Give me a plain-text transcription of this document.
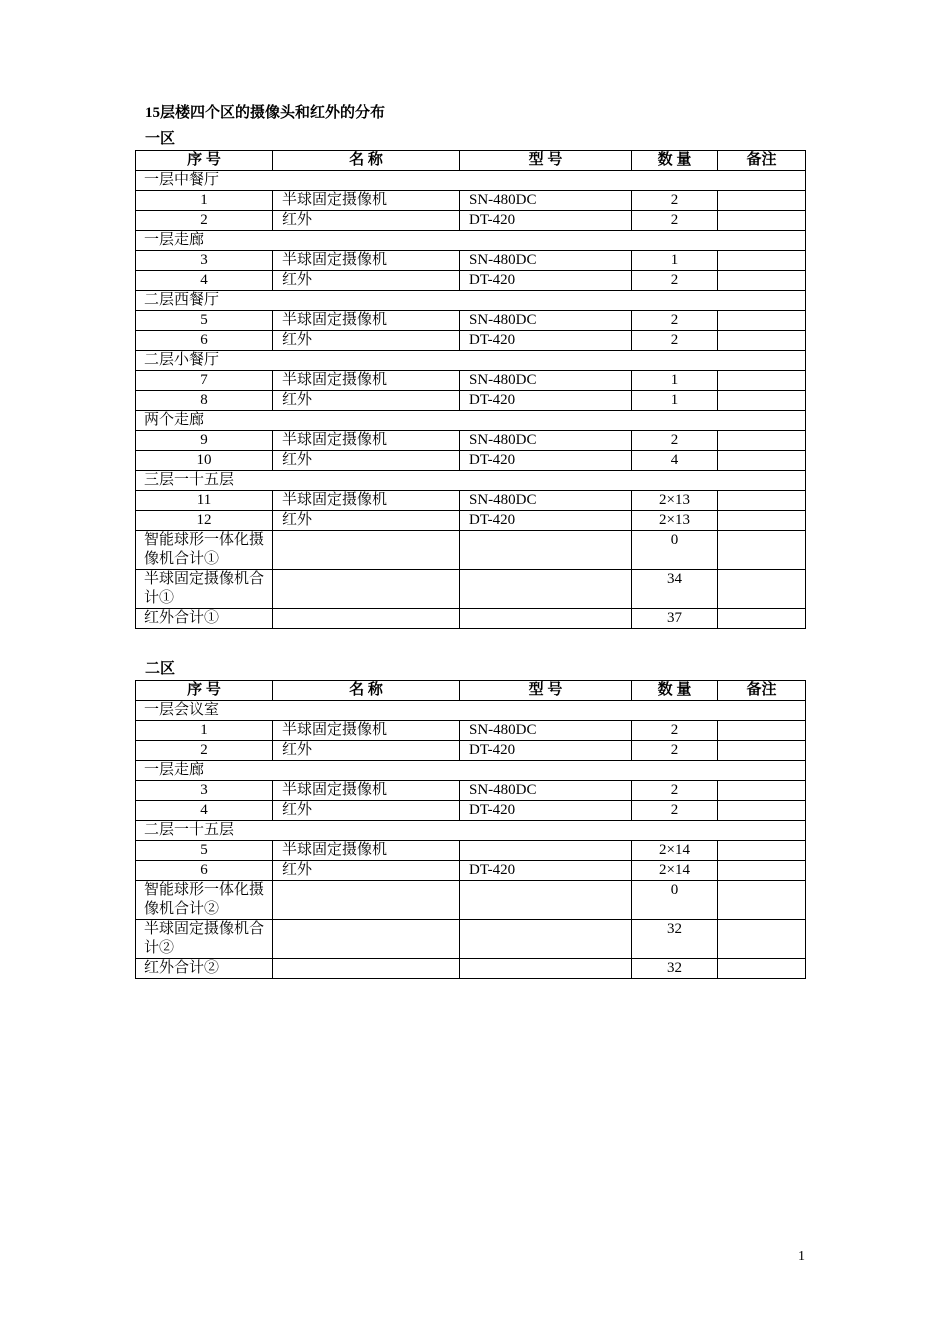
15层楼四个区的摄像头和红外的分布
一区
序 号	名 称	型 号	数 量	备注
一层中餐厅				
1	半球固定摄像机	SN-480DC	2	
2	红外	DT-420	2	
一层走廊				
3	半球固定摄像机	SN-480DC	1	
4	红外	DT-420	2	
二层西餐厅				
5	半球固定摄像机	SN-480DC	2	
6	红外	DT-420	2	
二层小餐厅				
7	半球固定摄像机	SN-480DC	1	
8	红外	DT-420	1	
两个走廊				
9	半球固定摄像机	SN-480DC	2	
10	红外	DT-420	4	
三层一十五层				
11	半球固定摄像机	SN-480DC	2×13	
12	红外	DT-420	2×13	
智能球形一体化摄像机合计①			0	
半球固定摄像机合计①			34	
红外合计①			37	
二区
序 号	名 称	型 号	数 量	备注
一层会议室				
1	半球固定摄像机	SN-480DC	2	
2	红外	DT-420	2	
一层走廊				
3	半球固定摄像机	SN-480DC	2	
4	红外	DT-420	2	
二层一十五层				
5	半球固定摄像机		2×14	
6	红外	DT-420	2×14	
智能球形一体化摄像机合计②			0	
半球固定摄像机合计②			32	
红外合计②			32	
1
